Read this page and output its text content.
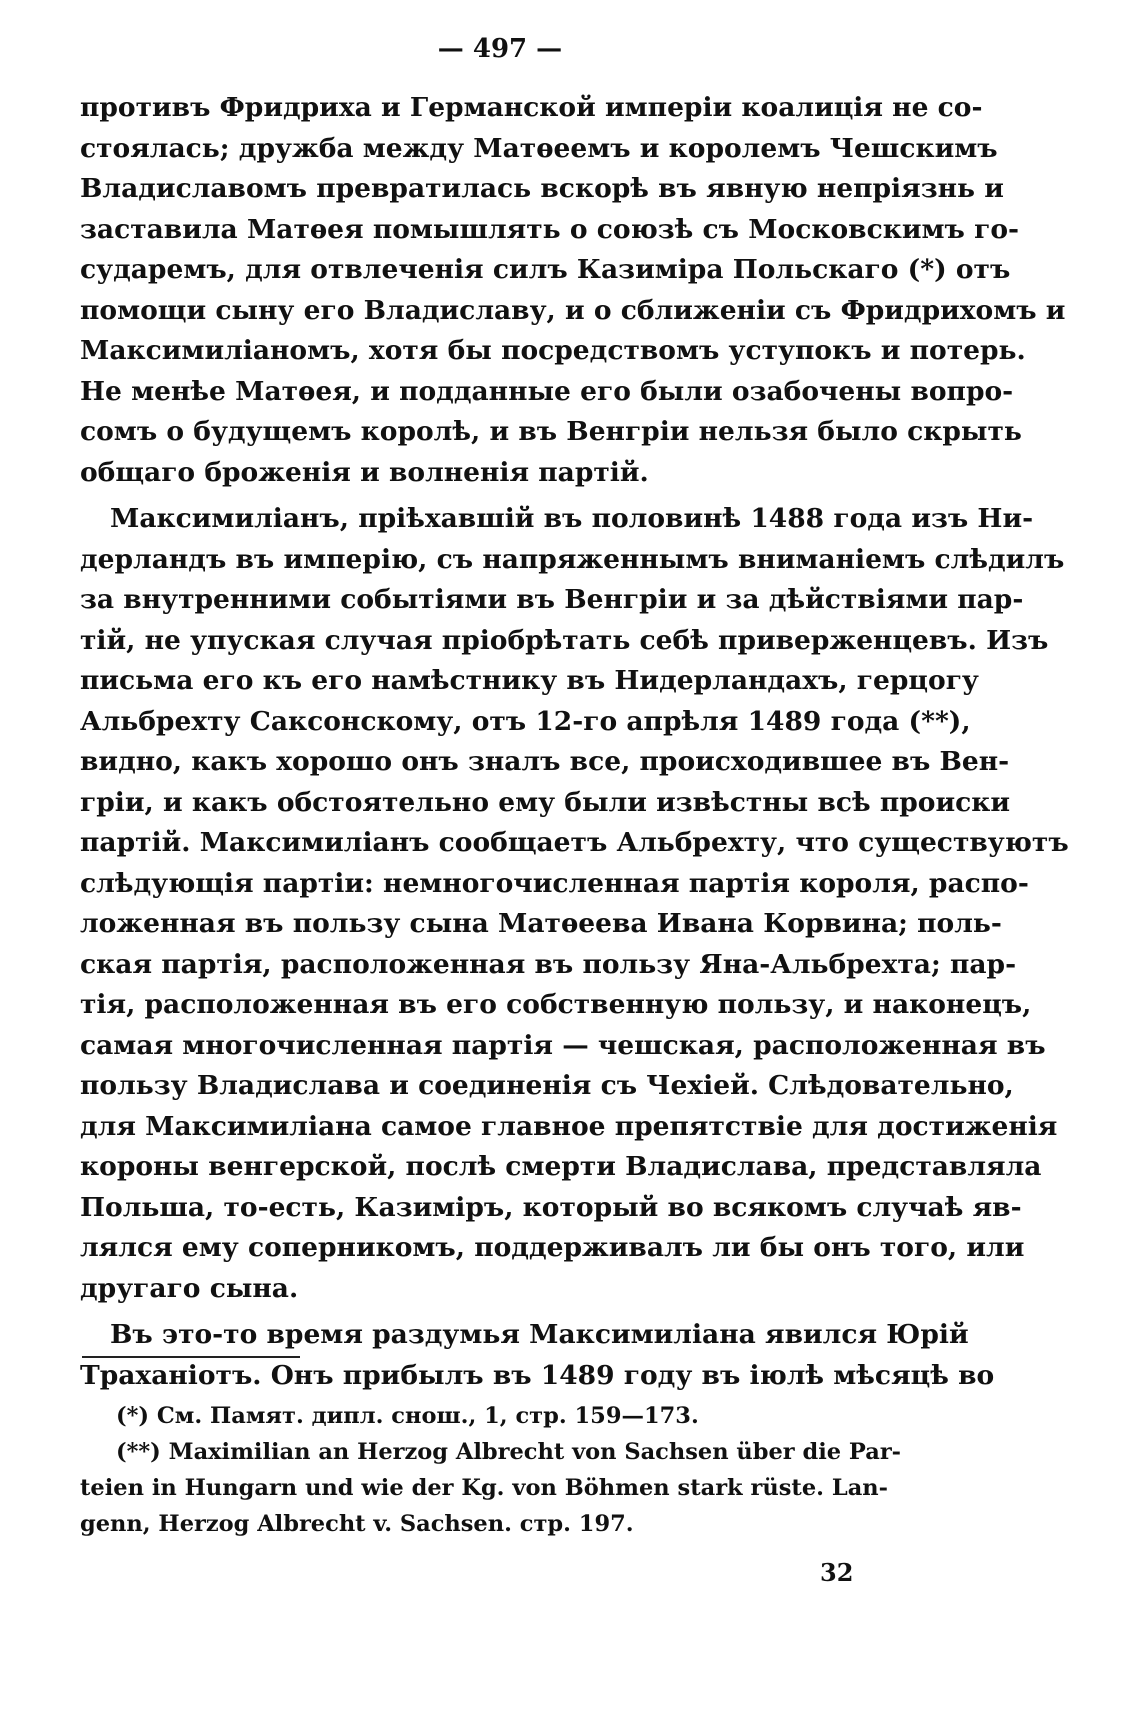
— 497 —
противъ Фридриха и Германской имперіи коалиція не со-
стоялась; дружба между Матѳеемъ и королемъ Чешскимъ
Владиславомъ превратилась вскорѣ въ явную непріязнь и
заставила Матѳея помышлять о союзѣ съ Московскимъ го-
сударемъ, для отвлеченія силъ Казиміра Польскаго (*) отъ
помощи сыну его Владиславу, и о сближеніи съ Фридрихомъ и
Максимиліаномъ, хотя бы посредствомъ уступокъ и потерь.
Не менѣе Матѳея, и подданные его были озабочены вопро-
сомъ о будущемъ королѣ, и въ Венгріи нельзя было скрыть
общаго броженія и волненія партій.
Максимиліанъ, пріѣхавшій въ половинѣ 1488 года изъ Ни-
дерландъ въ имперію, съ напряженнымъ вниманіемъ слѣдилъ
за внутренними событіями въ Венгріи и за дѣйствіями пар-
тій, не упуская случая пріобрѣтать себѣ приверженцевъ. Изъ
письма его къ его намѣстнику въ Нидерландахъ, герцогу
Альбрехту Саксонскому, отъ 12-го апрѣля 1489 года (**),
видно, какъ хорошо онъ зналъ все, происходившее въ Вен-
гріи, и какъ обстоятельно ему были извѣстны всѣ происки
партій. Максимиліанъ сообщаетъ Альбрехту, что существуютъ
слѣдующія партіи: немногочисленная партія короля, распо-
ложенная въ пользу сына Матѳеева Ивана Корвина; поль-
ская партія, расположенная въ пользу Яна-Альбрехта; пар-
тія, расположенная въ его собственную пользу, и наконецъ,
самая многочисленная партія — чешская, расположенная въ
пользу Владислава и соединенія съ Чехіей. Слѣдовательно,
для Максимиліана самое главное препятствіе для достиженія
короны венгерской, послѣ смерти Владислава, представляла
Польша, то-есть, Казиміръ, который во всякомъ случаѣ яв-
лялся ему соперникомъ, поддерживалъ ли бы онъ того, или
другаго сына.
Въ это-то время раздумья Максимиліана явился Юрій
Траханіотъ. Онъ прибылъ въ 1489 году въ іюлѣ мѣсяцѣ во
(*) См. Памят. дипл. снош., 1, стр. 159—173.
(**) Maximilian an Herzog Albrecht von Sachsen über die Par-
teien in Hungarn und wie der Kg. von Böhmen stark rüste. Lan-
genn, Herzog Albrecht v. Sachsen. стр. 197.
32
